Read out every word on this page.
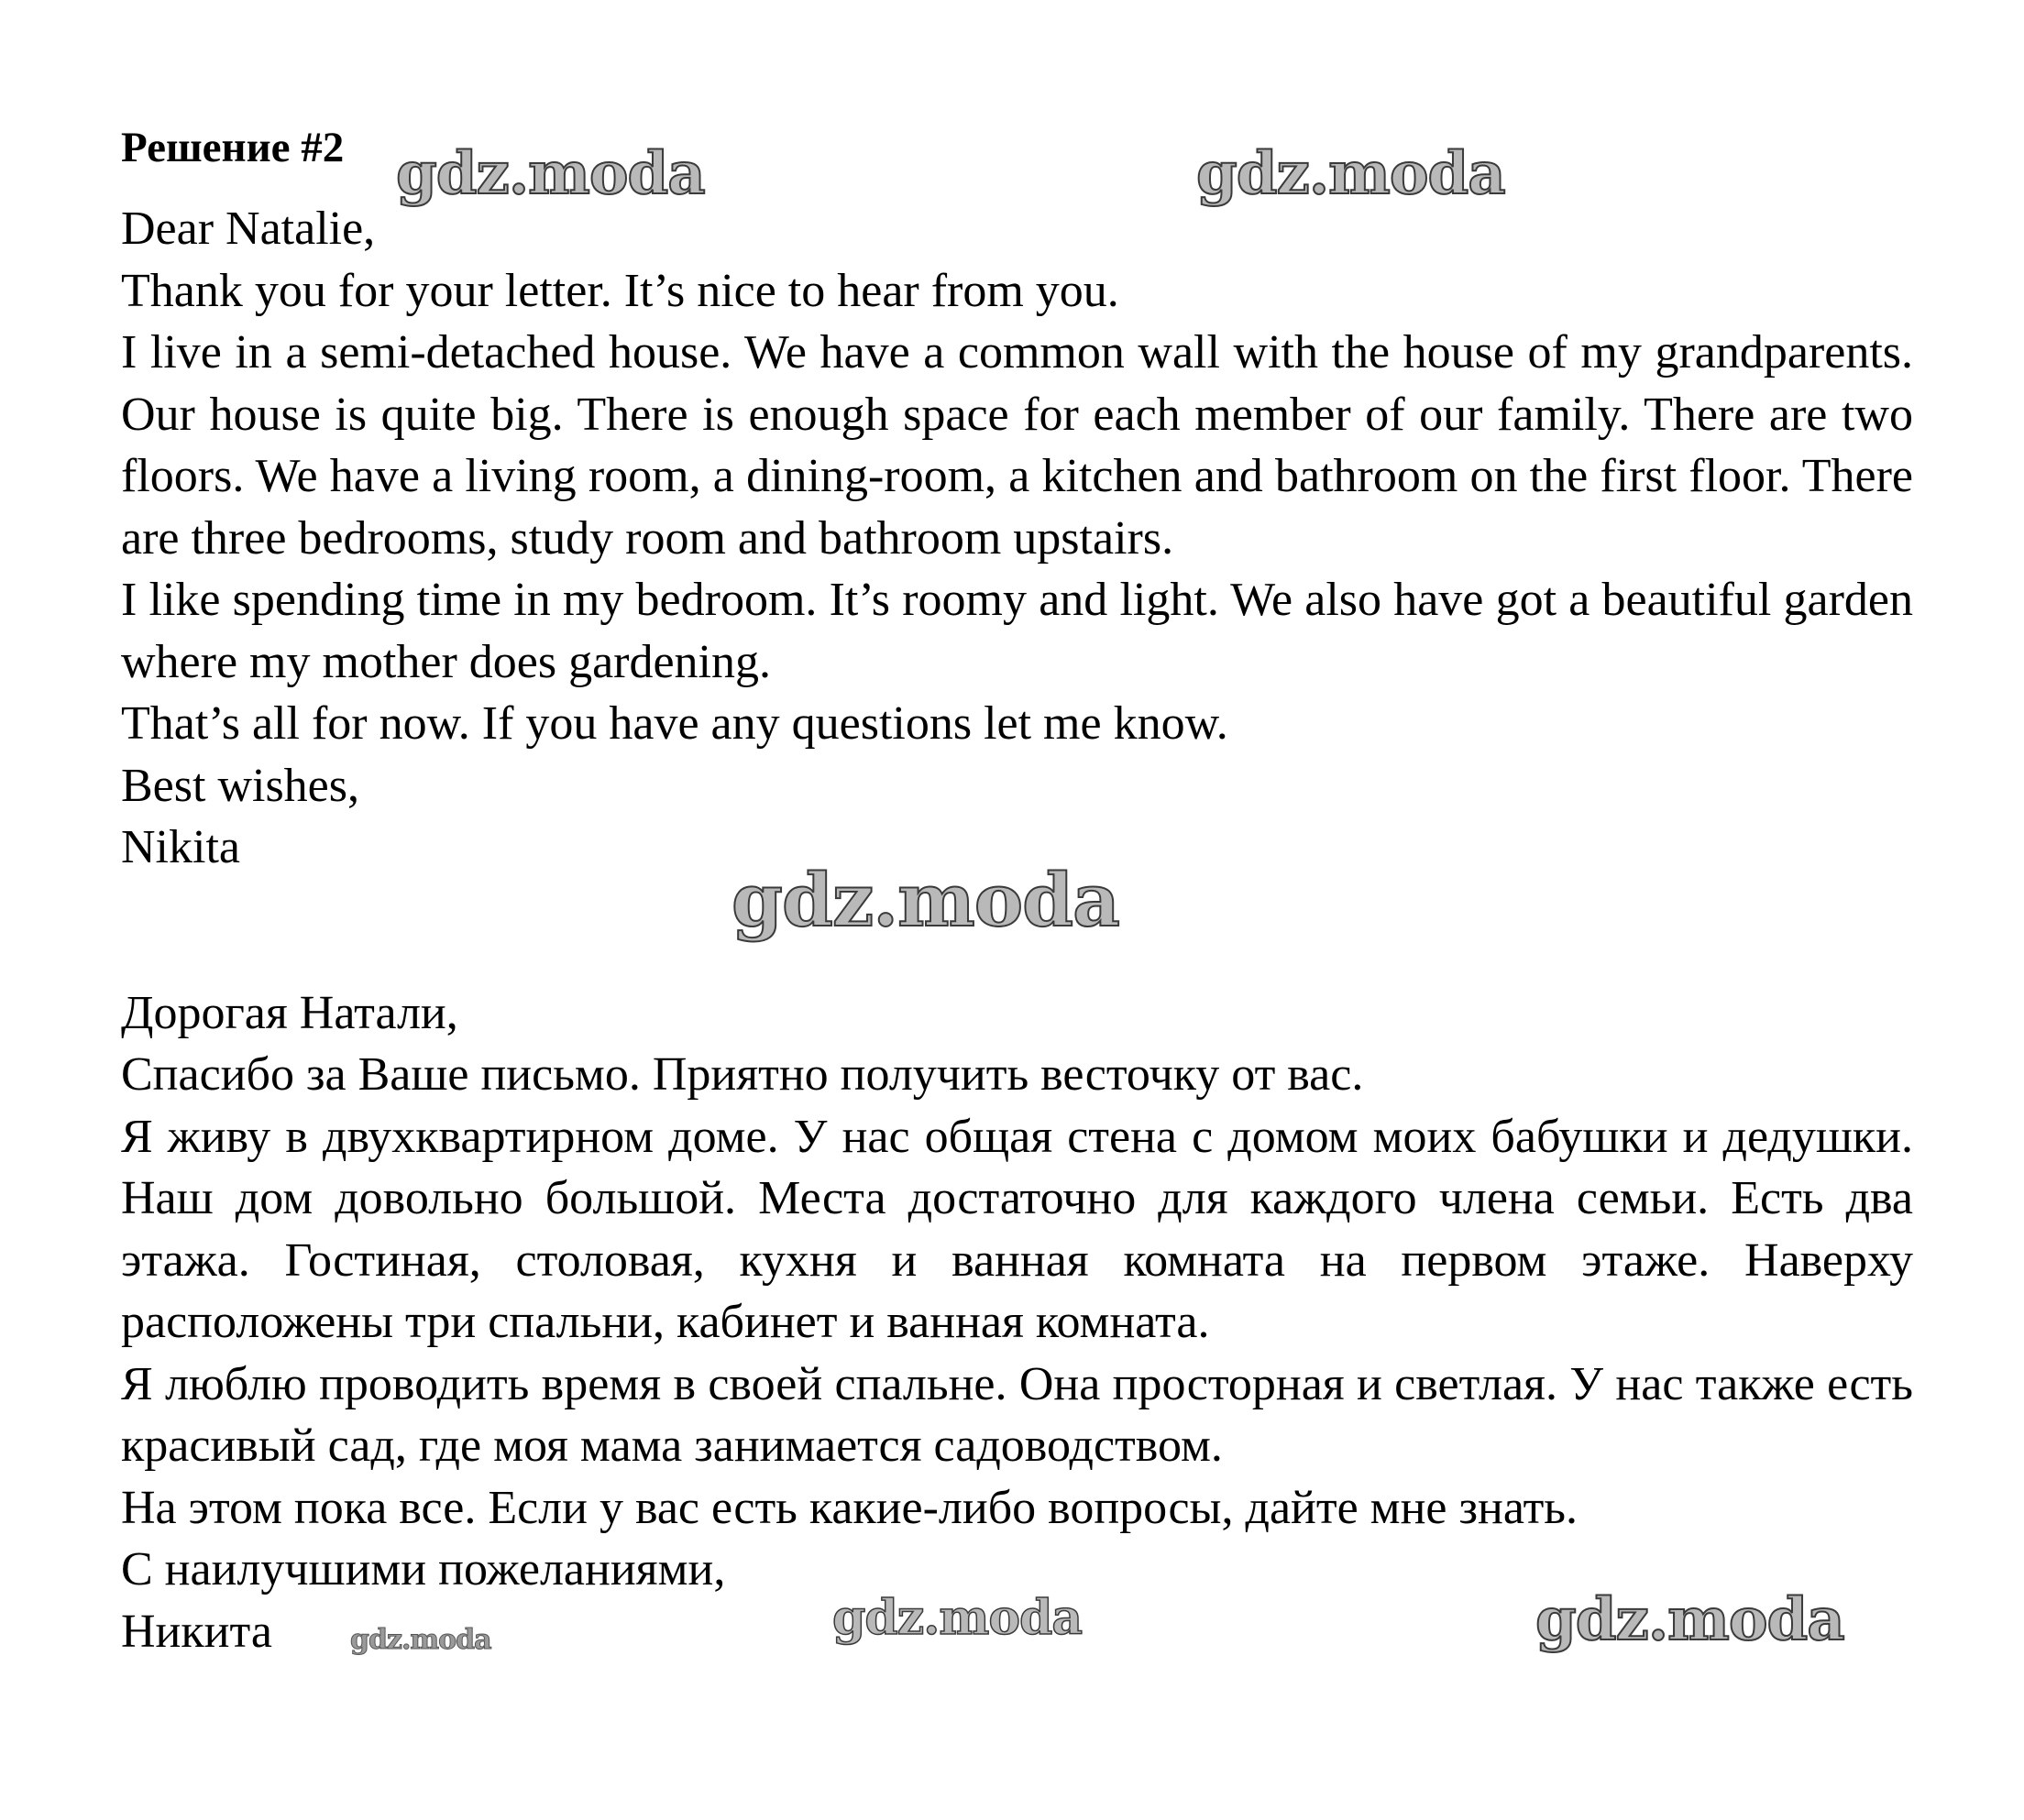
Решение #2

Dear Natalie,

Thank you for your letter. It’s nice to hear from you.

I live in a semi-detached house. We have a common wall with the house of my grandparents. Our house is quite big. There is enough space for each member of our family. There are two floors. We have a living room, a dining-room, a kitchen and bathroom on the first floor. There are three bedrooms, study room and bathroom upstairs.

I like spending time in my bedroom. It’s roomy and light. We also have got a beautiful garden where my mother does gardening.

That’s all for now. If you have any questions let me know.

Best wishes,

Nikita

Дорогая Натали,

Спасибо за Ваше письмо. Приятно получить весточку от вас.

Я живу в двухквартирном доме. У нас общая стена с домом моих бабушки и дедушки. Наш дом довольно большой. Места достаточно для каждого члена семьи. Есть два этажа. Гостиная, столовая, кухня и ванная комната на первом этаже. Наверху расположены три спальни, кабинет и ванная комната.

Я люблю проводить время в своей спальне. Она просторная и светлая. У нас также есть красивый сад, где моя мама занимается садоводством.

На этом пока все. Если у вас есть какие-либо вопросы, дайте мне знать.

С наилучшими пожеланиями,

Никита

gdz.moda	gdz.moda
gdz.moda
gdz.moda
gdz.moda	gdz.moda
